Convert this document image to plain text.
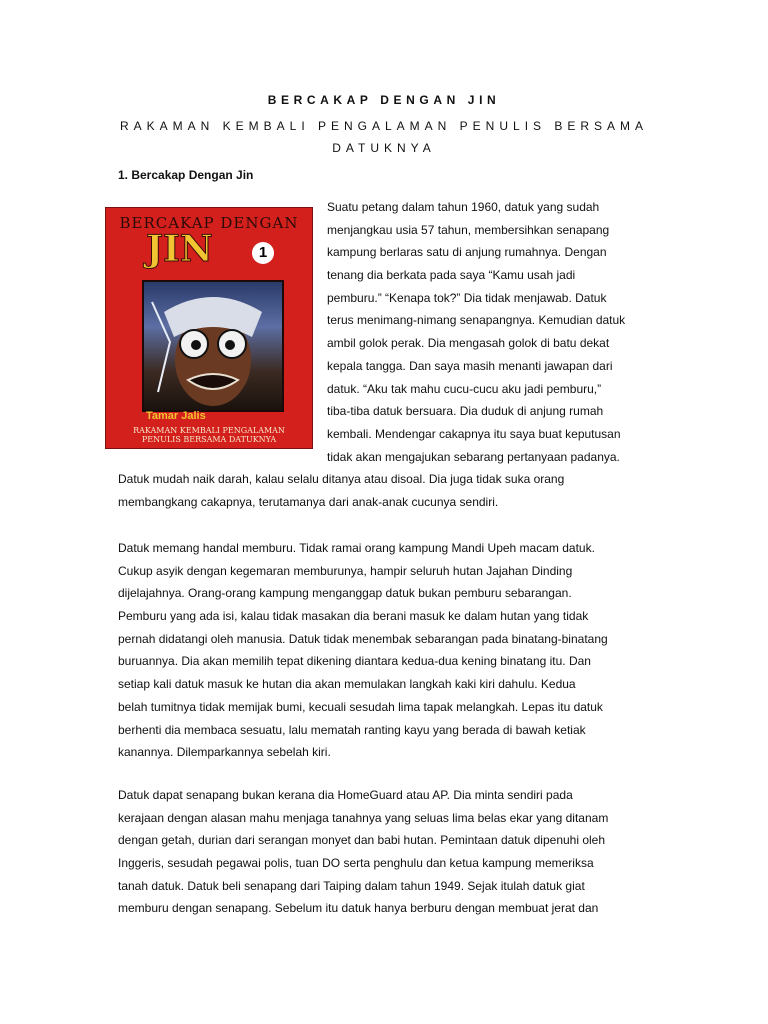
BERCAKAP DENGAN JIN
RAKAMAN KEMBALI PENGALAMAN PENULIS BERSAMA DATUKNYA
1. Bercakap Dengan Jin
BERCAKAP DENGAN
JIN	1
Tamar Jalis
RAKAMAN KEMBALI PENGALAMAN
PENULIS BERSAMA DATUKNYA
Suatu petang dalam tahun 1960, datuk yang sudah
menjangkau usia 57 tahun, membersihkan senapang
kampung berlaras satu di anjung rumahnya. Dengan
tenang dia berkata pada saya “Kamu usah jadi
pemburu.” “Kenapa tok?” Dia tidak menjawab. Datuk
terus menimang-nimang senapangnya. Kemudian datuk
ambil golok perak. Dia mengasah golok di batu dekat
kepala tangga. Dan saya masih menanti jawapan dari
datuk. “Aku tak mahu cucu-cucu aku jadi pemburu,”
tiba-tiba datuk bersuara. Dia duduk di anjung rumah
kembali. Mendengar cakapnya itu saya buat keputusan
tidak akan mengajukan sebarang pertanyaan padanya.
Datuk mudah naik darah, kalau selalu ditanya atau disoal. Dia juga tidak suka orang
membangkang cakapnya, terutamanya dari anak-anak cucunya sendiri.
Datuk memang handal memburu. Tidak ramai orang kampung Mandi Upeh macam datuk.
Cukup asyik dengan kegemaran memburunya, hampir seluruh hutan Jajahan Dinding
dijelajahnya. Orang-orang kampung menganggap datuk bukan pemburu sebarangan.
Pemburu yang ada isi, kalau tidak masakan dia berani masuk ke dalam hutan yang tidak
pernah didatangi oleh manusia. Datuk tidak menembak sebarangan pada binatang-binatang
buruannya. Dia akan memilih tepat dikening diantara kedua-dua kening binatang itu. Dan
setiap kali datuk masuk ke hutan dia akan memulakan langkah kaki kiri dahulu. Kedua
belah tumitnya tidak memijak bumi, kecuali sesudah lima tapak melangkah. Lepas itu datuk
berhenti dia membaca sesuatu, lalu mematah ranting kayu yang berada di bawah ketiak
kanannya. Dilemparkannya sebelah kiri.
Datuk dapat senapang bukan kerana dia HomeGuard atau AP. Dia minta sendiri pada
kerajaan dengan alasan mahu menjaga tanahnya yang seluas lima belas ekar yang ditanam
dengan getah, durian dari serangan monyet dan babi hutan. Pemintaan datuk dipenuhi oleh
Inggeris, sesudah pegawai polis, tuan DO serta penghulu dan ketua kampung memeriksa
tanah datuk. Datuk beli senapang dari Taiping dalam tahun 1949. Sejak itulah datuk giat
memburu dengan senapang. Sebelum itu datuk hanya berburu dengan membuat jerat dan
